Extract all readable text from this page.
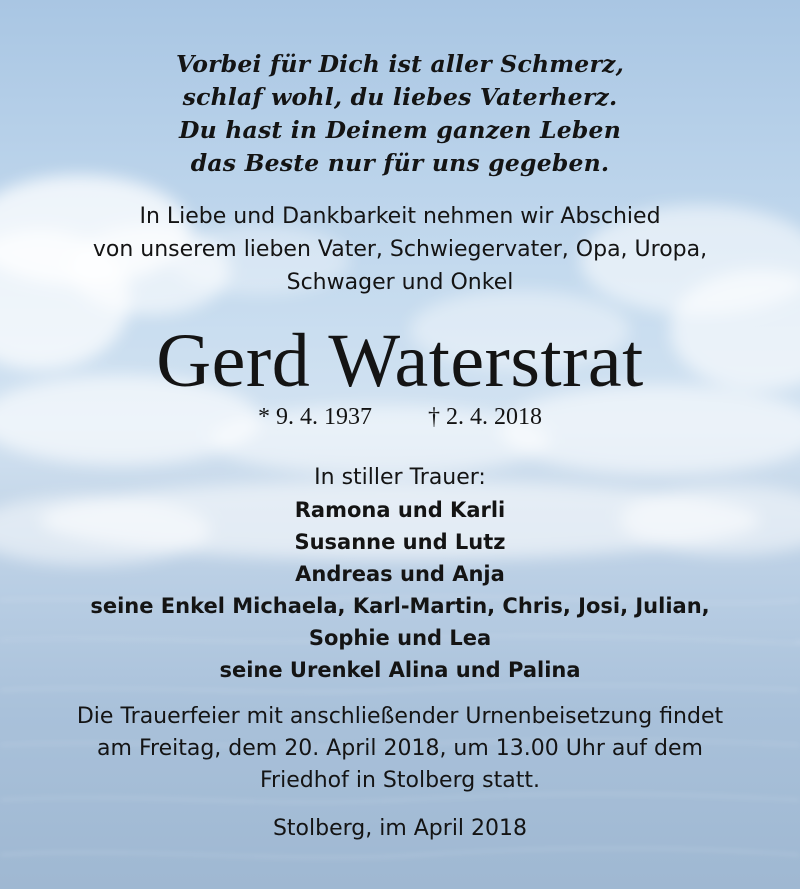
Vorbei für Dich ist aller Schmerz,
schlaf wohl, du liebes Vaterherz.
Du hast in Deinem ganzen Leben
das Beste nur für uns gegeben.
In Liebe und Dankbarkeit nehmen wir Abschied
von unserem lieben Vater, Schwiegervater, Opa, Uropa,
Schwager und Onkel
Gerd Waterstrat
* 9. 4. 1937 † 2. 4. 2018
In stiller Trauer:
Ramona und Karli
Susanne und Lutz
Andreas und Anja
seine Enkel Michaela, Karl-Martin, Chris, Josi, Julian,
Sophie und Lea
seine Urenkel Alina und Palina
Die Trauerfeier mit anschließender Urnenbeisetzung findet
am Freitag, dem 20. April 2018, um 13.00 Uhr auf dem
Friedhof in Stolberg statt.
Stolberg, im April 2018
